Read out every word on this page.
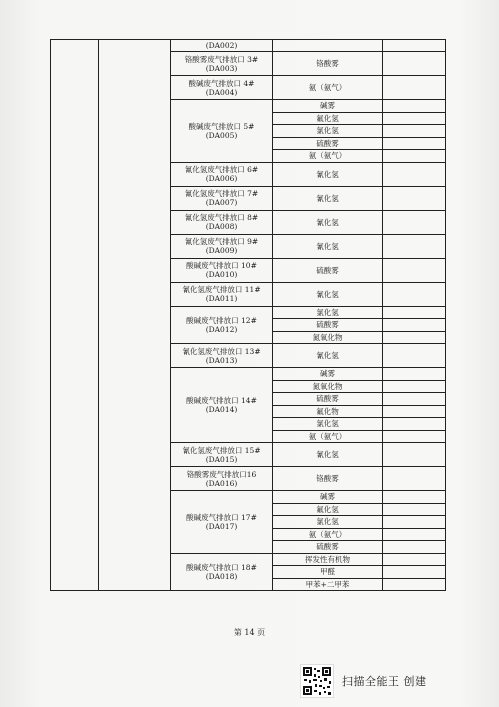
		(DA002)		

		铬酸雾废气排放口 3#
(DA003)	铬酸雾	

		酸碱废气排放口 4#
(DA004)	氨（氨气）	

		酸碱废气排放口 5#
(DA005)	碱雾	
			氟化氢	
			氯化氢	
			硫酸雾	
			氨（氨气）	

		氰化氢废气排放口 6#
(DA006)	氰化氢	

		氰化氢废气排放口 7#
(DA007)	氰化氢	

		氰化氢废气排放口 8#
(DA008)	氰化氢	

		氰化氢废气排放口 9#
(DA009)	氰化氢	

		酸碱废气排放口 10#
(DA010)	硫酸雾	

		氰化氢废气排放口 11#
(DA011)	氰化氢	

		酸碱废气排放口 12#
(DA012)	氯化氢	
			硫酸雾	
			氮氧化物	

		氰化氢废气排放口 13#
(DA013)	氰化氢	

		酸碱废气排放口 14#
(DA014)	碱雾	
			氮氧化物	
			硫酸雾	
			氟化物	
			氯化氢	
			氨（氨气）	

		氰化氢废气排放口 15#
(DA015)	氰化氢	

		铬酸雾废气排放口16
(DA016)	铬酸雾	

		酸碱废气排放口 17#
(DA017)	碱雾	
			氟化氢	
			氯化氢	
			氨（氨气）	
			硫酸雾	

		酸碱废气排放口 18#
(DA018)	挥发性有机物	
			甲醛	
			甲苯+二甲苯	
第 14 页
扫描全能王 创建
